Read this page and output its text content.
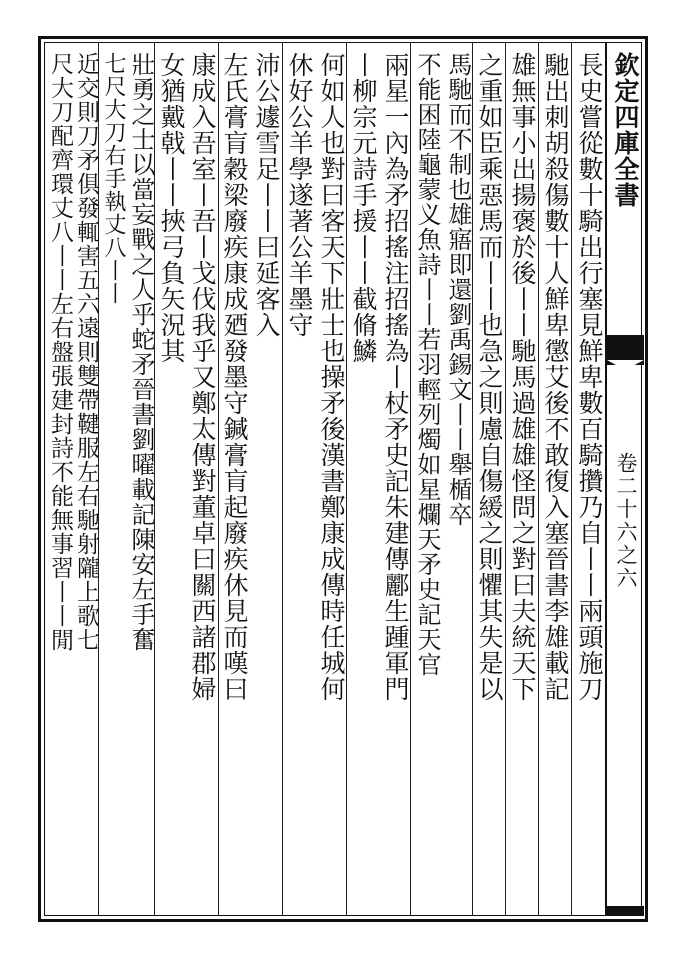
欽定四庫全書
卷二十六之六
長史嘗從數十騎出行塞見鮮卑數百騎攢乃自丨丨兩頭施刀
馳出刺胡殺傷數十人鮮卑懲艾後不敢復入塞晉書李雄載記
雄無事小出揚褒於後丨丨馳馬過雄雄怪問之對曰夫統天下
之重如臣乘惡馬而丨丨也急之則慮自傷緩之則懼其失是以
馬馳而不制也雄寤即還劉禹錫文丨丨舉楯卒
不能困陸龜蒙义魚詩丨丨若羽輕列燭如星爛天矛史記天官
兩星一內為矛招搖注招搖為丨杖矛史記朱建傳酈生踵軍門
丨柳宗元詩手援丨丨截脩鱗
何如人也對曰客天下壯士也操矛後漢書鄭康成傳時任城何
休好公羊學遂著公羊墨守
沛公遽雪足丨丨曰延客入
左氏膏肓穀梁廢疾康成廼發墨守鍼膏肓起廢疾休見而嘆曰
康成入吾室丨吾丨戈伐我乎又鄭太傳對董卓曰關西諸郡婦
女猶戴戟丨丨挾弓負矢況其
壯勇之士以當妄戰之人乎蛇矛晉書劉曜載記陳安左手奮
七尺大刀右手執丈八丨丨
近交則刀矛俱發輒害五六遠則雙帶鞬服左右馳射隴上歌七
尺大刀配齊環丈八丨丨左右盤張建封詩不能無事習丨丨閒
